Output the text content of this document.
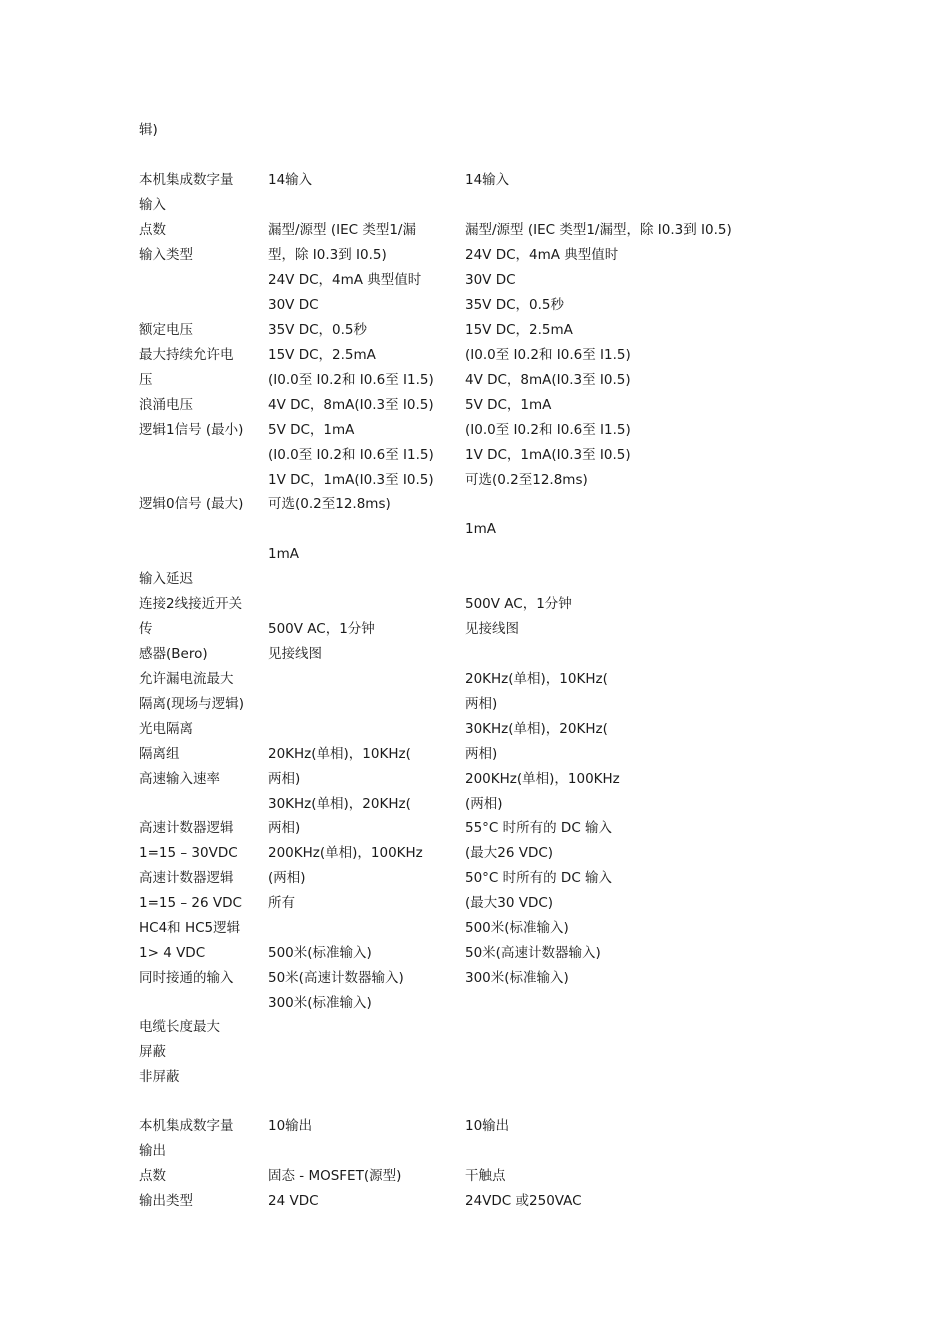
辑)
本机集成数字量
输入
点数
输入类型
额定电压
最大持续允许电
压
浪涌电压
逻辑1信号 (最小)
逻辑0信号 (最大)
输入延迟
连接2线接近开关
传
感器(Bero)
允许漏电流最大
隔离(现场与逻辑)
光电隔离
隔离组
高速输入速率
高速计数器逻辑
1=15 – 30VDC
高速计数器逻辑
1=15 – 26 VDC
HC4和 HC5逻辑
1> 4 VDC
同时接通的输入
电缆长度最大
屏蔽
非屏蔽
14输入
漏型/源型 (IEC 类型1/漏
型，除 I0.3到 I0.5)
24V DC，4mA 典型值时
30V DC
35V DC，0.5秒
15V DC，2.5mA
(I0.0至 I0.2和 I0.6至 I1.5)
4V DC，8mA(I0.3至 I0.5)
5V DC，1mA
(I0.0至 I0.2和 I0.6至 I1.5)
1V DC，1mA(I0.3至 I0.5)
可选(0.2至12.8ms)
1mA
500V AC，1分钟
见接线图
20KHz(单相)，10KHz(
两相)
30KHz(单相)，20KHz(
两相)
200KHz(单相)，100KHz
(两相)
所有
500米(标准输入)
50米(高速计数器输入)
300米(标准输入)
14输入
漏型/源型 (IEC 类型1/漏型，除 I0.3到 I0.5)
24V DC，4mA 典型值时
30V DC
35V DC，0.5秒
15V DC，2.5mA
(I0.0至 I0.2和 I0.6至 I1.5)
4V DC，8mA(I0.3至 I0.5)
5V DC，1mA
(I0.0至 I0.2和 I0.6至 I1.5)
1V DC，1mA(I0.3至 I0.5)
可选(0.2至12.8ms)
1mA
500V AC，1分钟
见接线图
20KHz(单相)，10KHz(
两相)
30KHz(单相)，20KHz(
两相)
200KHz(单相)，100KHz
(两相)
55°C 时所有的 DC 输入
(最大26 VDC)
50°C 时所有的 DC 输入
(最大30 VDC)
500米(标准输入)
50米(高速计数器输入)
300米(标准输入)
本机集成数字量
输出
点数
输出类型
10输出
固态 - MOSFET(源型)
24 VDC
10输出
干触点
24VDC 或250VAC
